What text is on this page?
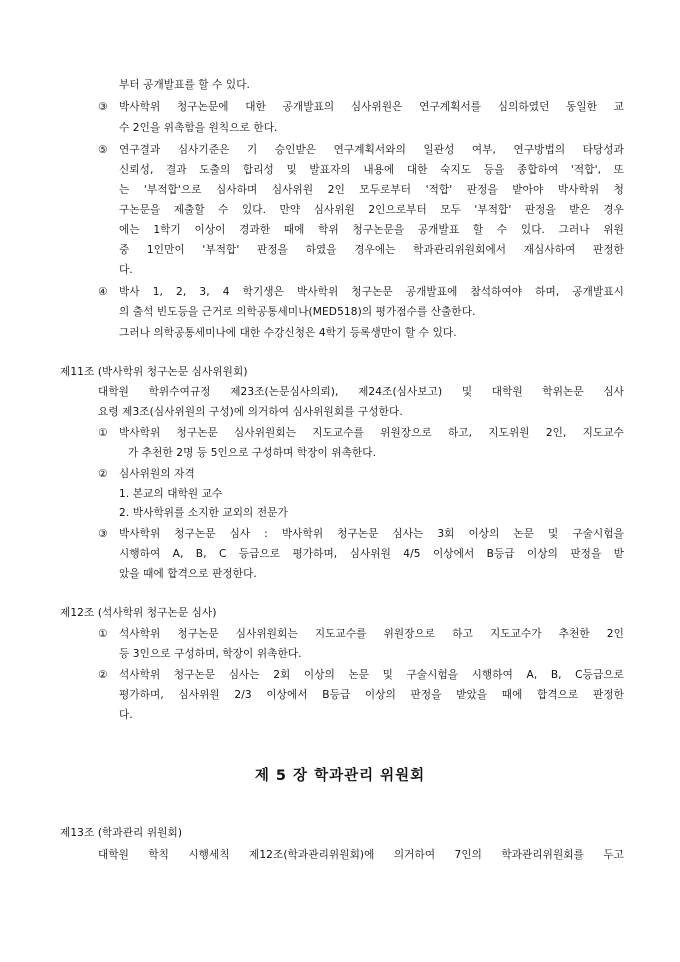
부터 공개발표를 할 수 있다.
③ 박사학위 청구논문에 대한 공개발표의 심사위원은 연구계획서를 심의하였던 동일한 교
수 2인을 위촉함을 원칙으로 한다.
⑤ 연구결과 심사기준은 기 승인받은 연구계획서와의 일관성 여부, 연구방법의 타당성과
신뢰성, 결과 도출의 합리성 및 발표자의 내용에 대한 숙지도 등을 종합하여 '적합', 또
는 '부적합'으로 심사하며 심사위원 2인 모두로부터 '적합' 판정을 받아야 박사학위 청
구논문을 제출할 수 있다. 만약 심사위원 2인으로부터 모두 '부적합' 판정을 받은 경우
에는 1학기 이상이 경과한 때에 학위 청구논문을 공개발표 할 수 있다. 그러나 위원
중 1인만이 '부적합' 판정을 하였을 경우에는 학과관리위원회에서 재심사하여 판정한
다.
④ 박사 1, 2, 3, 4 학기생은 박사학위 청구논문 공개발표에 참석하여야 하며, 공개발표시
의 출석 빈도등을 근거로 의학공통세미나(MED518)의 평가점수를 산출한다.
그러나 의학공통세미나에 대한 수강신청은 4학기 등록생만이 할 수 있다.
제11조 (박사학위 청구논문 심사위원회)
대학원 학위수여규정 제23조(논문심사의뢰), 제24조(심사보고) 및 대학원 학위논문 심사
요령 제3조(심사위원의 구성)에 의거하여 심사위원회를 구성한다.
① 박사학위 청구논문 심사위원회는 지도교수를 위원장으로 하고, 지도위원 2인, 지도교수
가 추천한 2명 등 5인으로 구성하며 학장이 위촉한다.
② 심사위원의 자격
1. 본교의 대학원 교수
2. 박사학위를 소지한 교외의 전문가
③ 박사학위 청구논문 심사 : 박사학위 청구논문 심사는 3회 이상의 논문 및 구술시험을
시행하여 A, B, C 등급으로 평가하며, 심사위원 4/5 이상에서 B등급 이상의 판정을 받
았을 때에 합격으로 판정한다.
제12조 (석사학위 청구논문 심사)
① 석사학위 청구논문 심사위원회는 지도교수를 위원장으로 하고 지도교수가 추천한 2인
등 3인으로 구성하며, 학장이 위촉한다.
② 석사학위 청구논문 심사는 2회 이상의 논문 및 구술시험을 시행하여 A, B, C등급으로
평가하며, 심사위원 2/3 이상에서 B등급 이상의 판정을 받았을 때에 합격으로 판정한
다.
제 5 장 학과관리 위원회
제13조 (학과관리 위원회)
대학원 학칙 시행세칙 제12조(학과관리위원회)에 의거하여 7인의 학과관리위원회를 두고
